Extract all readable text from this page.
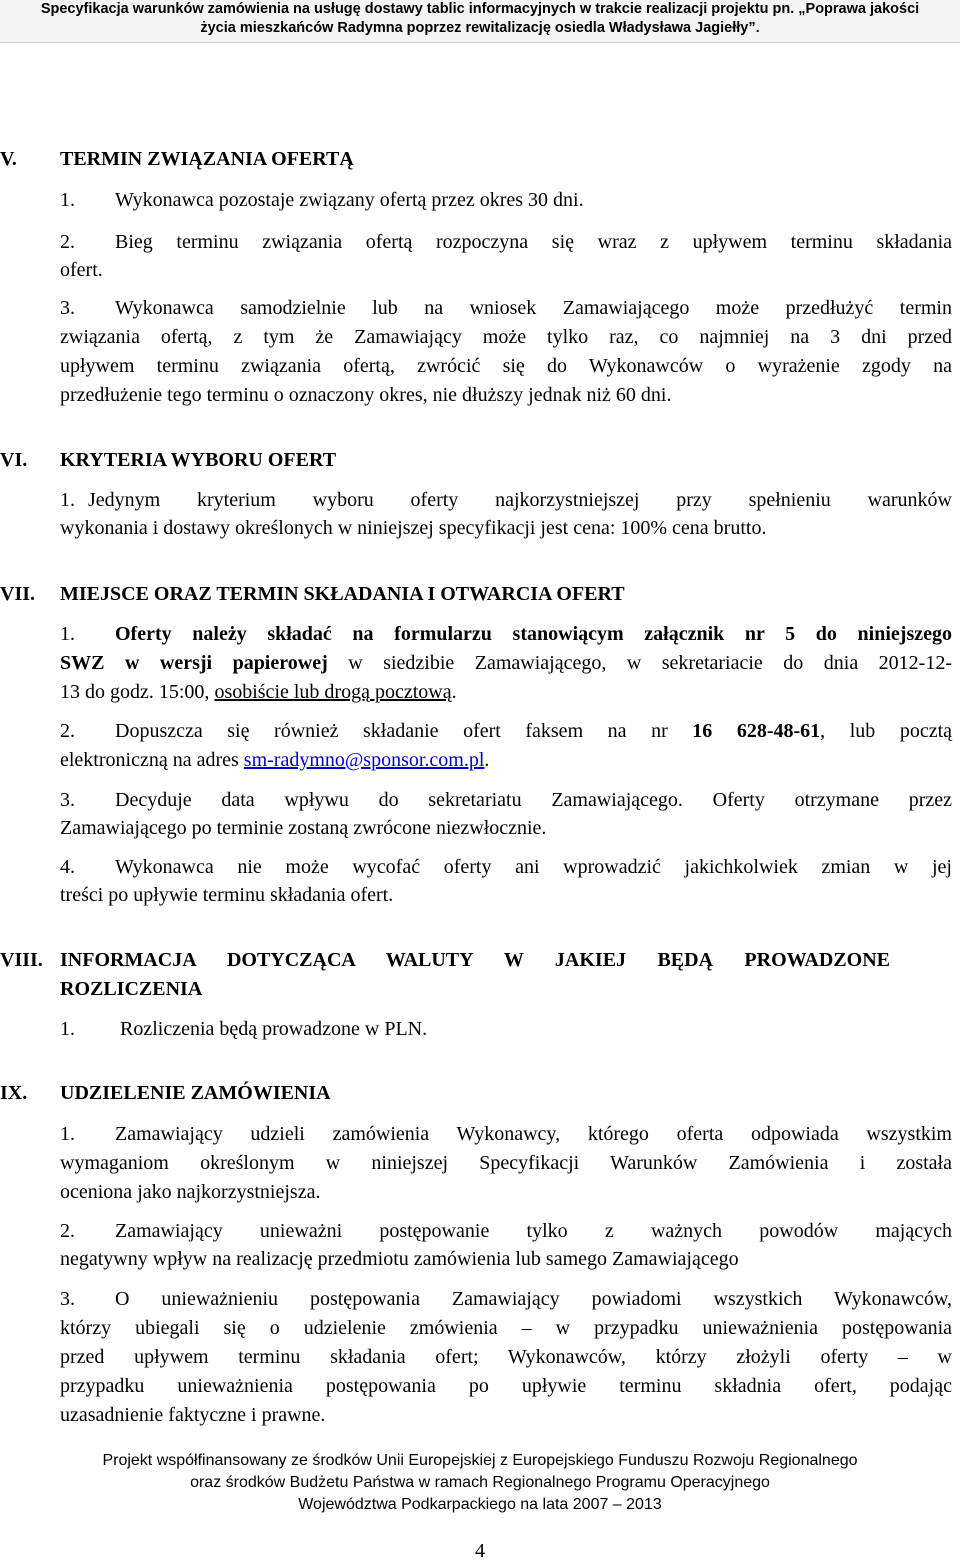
Specyfikacja warunków zamówienia na usługę dostawy tablic informacyjnych w trakcie realizacji projektu pn. „Poprawa jakości
życia mieszkańców Radymna poprzez rewitalizację osiedla Władysława Jagiełły”.
V. TERMIN ZWIĄZANIA OFERTĄ
1. Wykonawca pozostaje związany ofertą przez okres 30 dni.
2. Bieg terminu związania ofertą rozpoczyna się wraz z upływem terminu składania
ofert.
3. Wykonawca samodzielnie lub na wniosek Zamawiającego może przedłużyć termin
związania ofertą, z tym że Zamawiający może tylko raz, co najmniej na 3 dni przed
upływem terminu związania ofertą, zwrócić się do Wykonawców o wyrażenie zgody na
przedłużenie tego terminu o oznaczony okres, nie dłuższy jednak niż 60 dni.
VI. KRYTERIA WYBORU OFERT
1. Jedynym kryterium wyboru oferty najkorzystniejszej przy spełnieniu warunków
wykonania i dostawy określonych w niniejszej specyfikacji jest cena: 100% cena brutto.
VII. MIEJSCE ORAZ TERMIN SKŁADANIA I OTWARCIA OFERT
1. Oferty należy składać na formularzu stanowiącym załącznik nr 5 do niniejszego
SWZ w wersji papierowej w siedzibie Zamawiającego, w sekretariacie do dnia 2012-12-
13 do godz. 15:00, osobiście lub drogą pocztową.
2. Dopuszcza się również składanie ofert faksem na nr 16 628-48-61, lub pocztą
elektroniczną na adres sm-radymno@sponsor.com.pl.
3. Decyduje data wpływu do sekretariatu Zamawiającego. Oferty otrzymane przez
Zamawiającego po terminie zostaną zwrócone niezwłocznie.
4. Wykonawca nie może wycofać oferty ani wprowadzić jakichkolwiek zmian w jej
treści po upływie terminu składania ofert.
VIII. INFORMACJA DOTYCZĄCA WALUTY W JAKIEJ BĘDĄ PROWADZONE
ROZLICZENIA
1. Rozliczenia będą prowadzone w PLN.
IX. UDZIELENIE ZAMÓWIENIA
1. Zamawiający udzieli zamówienia Wykonawcy, którego oferta odpowiada wszystkim
wymaganiom określonym w niniejszej Specyfikacji Warunków Zamówienia i została
oceniona jako najkorzystniejsza.
2. Zamawiający unieważni postępowanie tylko z ważnych powodów mających
negatywny wpływ na realizację przedmiotu zamówienia lub samego Zamawiającego
3. O unieważnieniu postępowania Zamawiający powiadomi wszystkich Wykonawców,
którzy ubiegali się o udzielenie zmówienia – w przypadku unieważnienia postępowania
przed upływem terminu składania ofert; Wykonawców, którzy złożyli oferty – w
przypadku unieważnienia postępowania po upływie terminu składnia ofert, podając
uzasadnienie faktyczne i prawne.
Projekt współfinansowany ze środków Unii Europejskiej z Europejskiego Funduszu Rozwoju Regionalnego
oraz środków Budżetu Państwa w ramach Regionalnego Programu Operacyjnego
Województwa Podkarpackiego na lata 2007 – 2013
4
